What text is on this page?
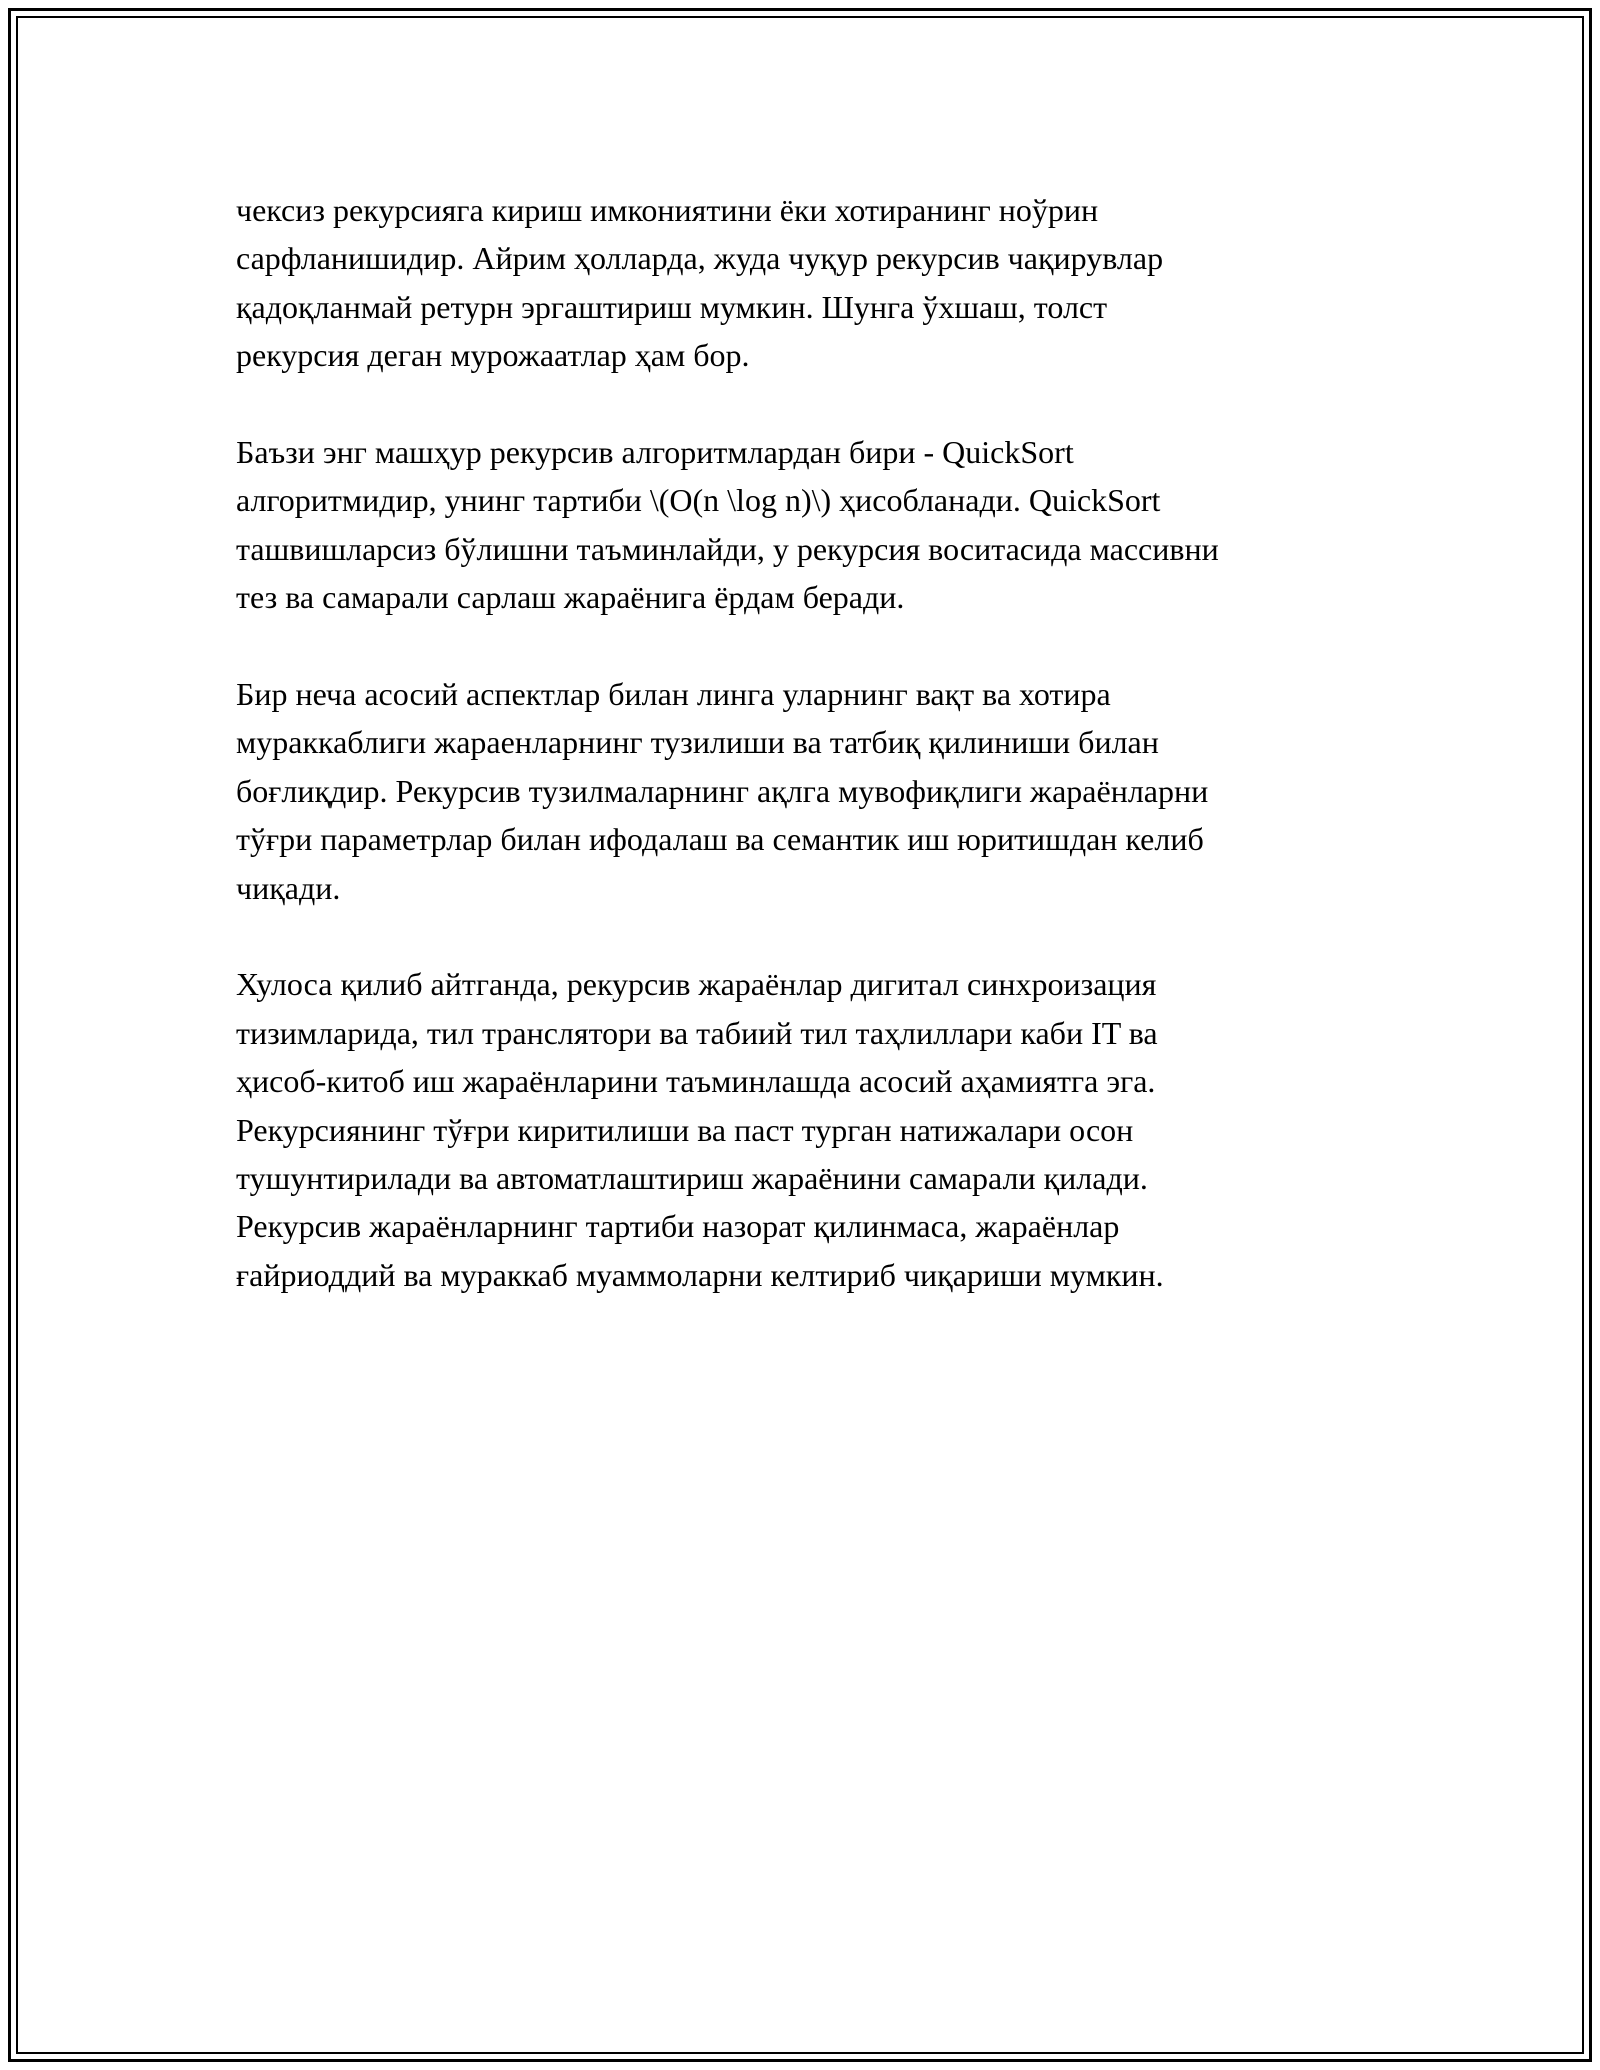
чексиз рекурсияга кириш имкониятини ёки хотиранинг ноўрин
сарфланишидир. Айрим ҳолларда, жуда чуқур рекурсив чақирувлар
қадоқланмай ретурн эргаштириш мумкин. Шунга ўхшаш, толст
рекурсия деган мурожаатлар ҳам бор.

Баъзи энг машҳур рекурсив алгоритмлардан бири - QuickSort
алгоритмидир, унинг тартиби \(O(n \log n)\) ҳисобланади. QuickSort
ташвишларсиз бўлишни таъминлайди, у рекурсия воситасида массивни
тез ва самарали сарлаш жараёнига ёрдам беради.

Бир неча асосий аспектлар билан линга уларнинг вақт ва хотира
мураккаблиги жараенларнинг тузилиши ва татбиқ қилиниши билан
боғлиқдир. Рекурсив тузилмаларнинг ақлга мувофиқлиги жараёнларни
тўғри параметрлар билан ифодалаш ва семантик иш юритишдан келиб
чиқади.

Хулоса қилиб айтганда, рекурсив жараёнлар дигитал синхроизация
тизимларида, тил транслятори ва табиий тил таҳлиллари каби IT ва
ҳисоб-китоб иш жараёнларини таъминлашда асосий аҳамиятга эга.
Рекурсиянинг тўғри киритилиши ва паст турган натижалари осон
тушунтирилади ва автоматлаштириш жараёнини самарали қилади.
Рекурсив жараёнларнинг тартиби назорат қилинмаса, жараёнлар
ғайриоддий ва мураккаб муаммоларни келтириб чиқариши мумкин.
